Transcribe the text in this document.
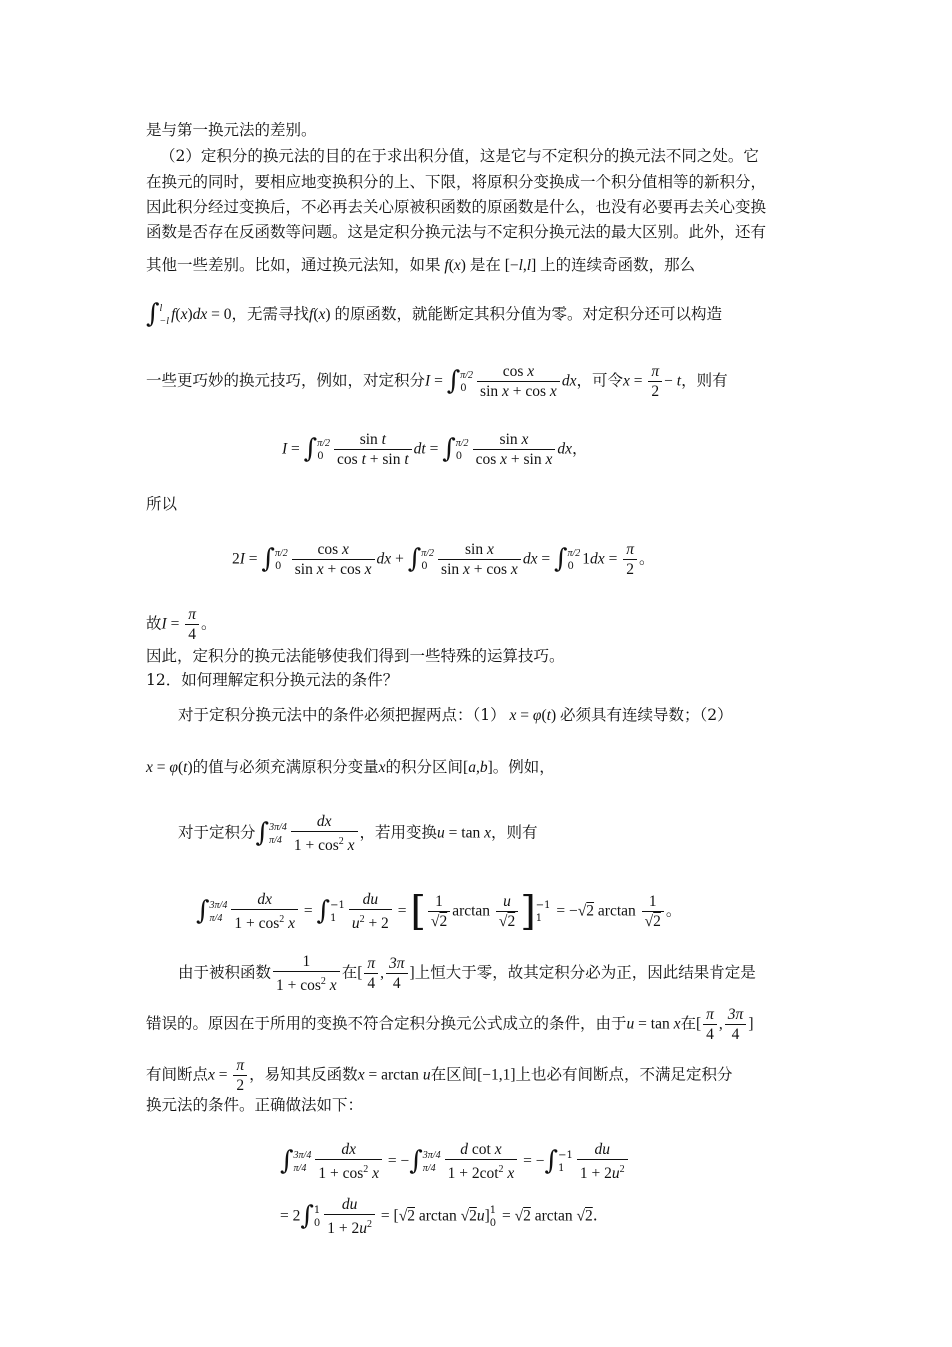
是与第一换元法的差别。
（2）定积分的换元法的目的在于求出积分值，这是它与不定积分的换元法不同之处。它
在换元的同时，要相应地变换积分的上、下限，将原积分变换成一个积分值相等的新积分，
因此积分经过变换后，不必再去关心原被积函数的原函数是什么，也没有必要再去关心变换
函数是否存在反函数等问题。这是定积分换元法与不定积分换元法的最大区别。此外，还有
其他一些差别。比如，通过换元法知，如果 f(x) 是在 [−l,l] 上的连续奇函数，那么
∫ l
−l f(x)dx = 0，无需寻找f(x) 的原函数，就能断定其积分值为零。对定积分还可以构造
一些更巧妙的换元技巧，例如，对定积分I = ∫ π/2
$0 \frac{\text{cos x}}{\text{sin x + cos x}}$ dx，可令$x = \frac{\pi}{2} - t$，则有
I = ∫ π/2
$0 \frac{\text{sin t}}{\text{cos t + sin t}}$ dt = ∫ π/2
$0 \frac{\text{sin x}}{\text{cos x + sin x}}$ dx，
所以
2I = ∫ π/2
$0 \frac{\text{cos x}}{\text{sin x + cos x}}$ dx + ∫ π/2
$0 \frac{\text{sin x}}{\text{sin x + cos x}}$ dx = ∫ π/2
0 $1dx = \frac{\pi}{2}$ 。
故$I = \frac{\pi}{4}$ 。
因此，定积分的换元法能够使我们得到一些特殊的运算技巧。
12．如何理解定积分换元法的条件？
对于定积分换元法中的条件必须把握两点：（1） x = φ(t) 必须具有连续导数；（2）
x = φ(t)的值与必须充满原积分变量x的积分区间[a,b]。例如，
对于定积分∫ 3π/4
$\pi/4 \frac{dx}{1 + \cos^2 x}$ ，若用变换u = tan x，则有
∫ 3π/4
$\pi/4 \frac{dx}{1 + \cos^2 x}$ = ∫ −1
$1 \frac{du}{u^2 + 2}$ = [ $\frac{1}{√2}$ $\arctan \frac{u}{√2}$ ] −1
1 = −√2 $\arctan \frac{1}{√2}$ 。
由于被积函数 $\frac{1}{1 + \cos^2 x}$ 在[ $\frac{\pi}{4}$ , $\frac{3\pi}{4}$ ]上恒大于零，故其定积分必为正，因此结果肯定是
错误的。原因在于所用的变换不符合定积分换元公式成立的条件，由于u = tan x在[ $\frac{\pi}{4}$ , $\frac{3\pi}{4}$ ]
有间断点$x = \frac{\pi}{2}$ ，易知其反函数x = arctan u在区间[−1,1]上也必有间断点，不满足定积分
换元法的条件。正确做法如下：
∫ 3π/4
$\pi/4 \frac{dx}{1 + \cos^2 x}$ = −∫ 3π/4
$\pi/4 \frac{\text{d cot x}}{1 + 2\cot^2 x}$ = −∫ −1
$1 \frac{du}{1 + 2u^2}$
= 2∫ 1
$0 \frac{du}{1 + 2u^2} = [√2$ arctan √2u] 1
0 = √2 arctan √2.
